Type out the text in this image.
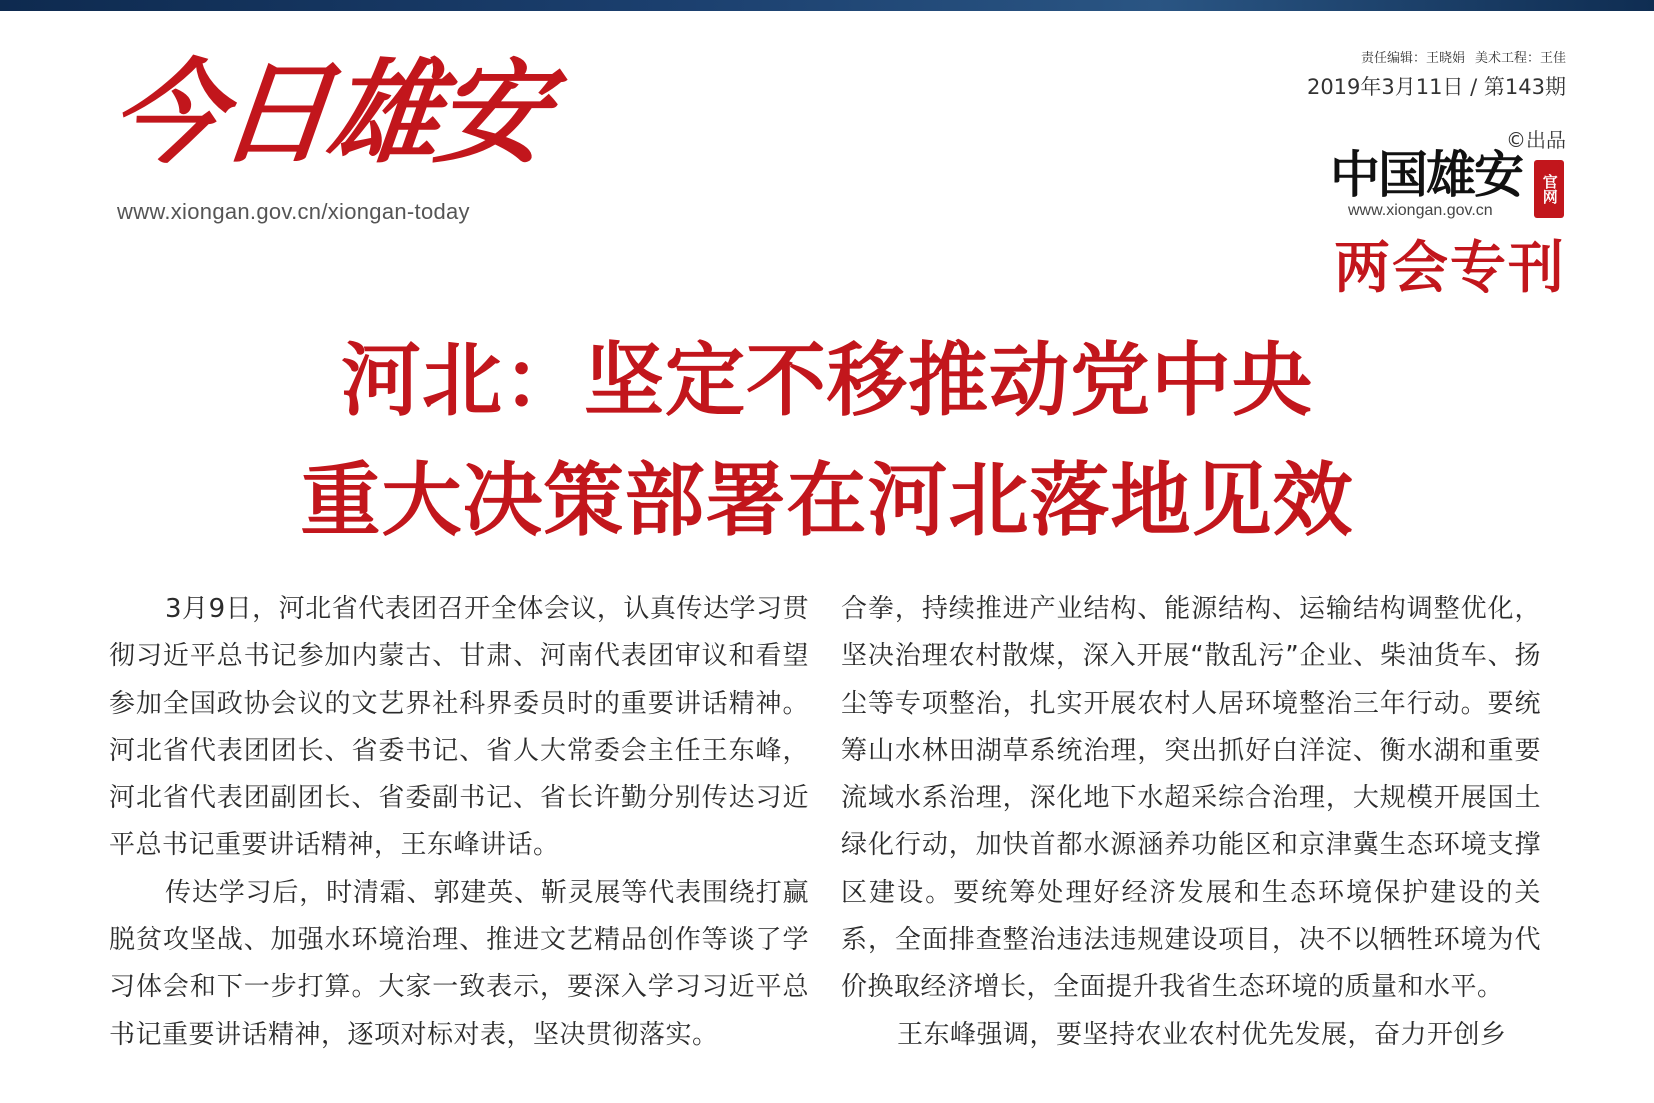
今日雄安
www.xiongan.gov.cn/xiongan-today
责任编辑：王晓娟 美术工程：王佳
2019年3月11日 / 第143期
©出品
中国雄安
www.xiongan.gov.cn
官网
两会专刊
河北：坚定不移推动党中央
重大决策部署在河北落地见效

3月9日，河北省代表团召开全体会议，认真传达学习贯彻习近平总书记参加内蒙古、甘肃、河南代表团审议和看望参加全国政协会议的文艺界社科界委员时的重要讲话精神。河北省代表团团长、省委书记、省人大常委会主任王东峰，河北省代表团副团长、省委副书记、省长许勤分别传达习近平总书记重要讲话精神，王东峰讲话。

传达学习后，时清霜、郭建英、靳灵展等代表围绕打赢脱贫攻坚战、加强水环境治理、推进文艺精品创作等谈了学习体会和下一步打算。大家一致表示，要深入学习习近平总书记重要讲话精神，逐项对标对表，坚决贯彻落实。

合拳，持续推进产业结构、能源结构、运输结构调整优化，坚决治理农村散煤，深入开展“散乱污”企业、柴油货车、扬尘等专项整治，扎实开展农村人居环境整治三年行动。要统筹山水林田湖草系统治理，突出抓好白洋淀、衡水湖和重要流域水系治理，深化地下水超采综合治理，大规模开展国土绿化行动，加快首都水源涵养功能区和京津冀生态环境支撑区建设。要统筹处理好经济发展和生态环境保护建设的关系，全面排查整治违法违规建设项目，决不以牺牲环境为代价换取经济增长，全面提升我省生态环境的质量和水平。

王东峰强调，要坚持农业农村优先发展，奋力开创乡
